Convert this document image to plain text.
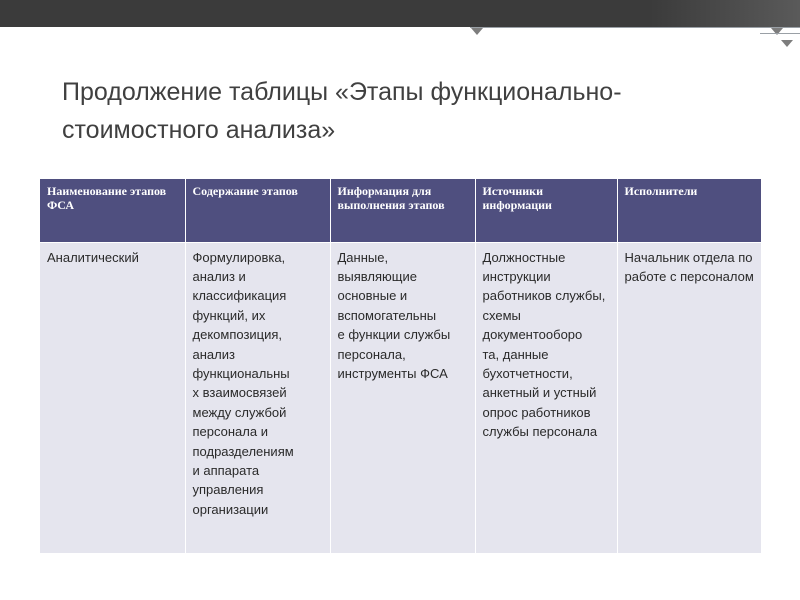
Продолжение таблицы «Этапы функционально-стоимостного анализа»
Наименование этапов ФСА	Содержание этапов	Информация для выполнения этапов	Источники информации	Исполнители
Аналитический	Формулировка, анализ и классификация функций, их декомпозиция, анализ функциональны
х взаимосвязей между службой персонала и подразделениям
и аппарата управления организации	Данные, выявляющие основные и вспомогательны
е функции службы персонала, инструменты ФСА	Должностные инструкции работников службы, схемы документооборо
та, данные бухотчетности, анкетный и устный опрос работников службы персонала	Начальник отдела по работе с персоналом
